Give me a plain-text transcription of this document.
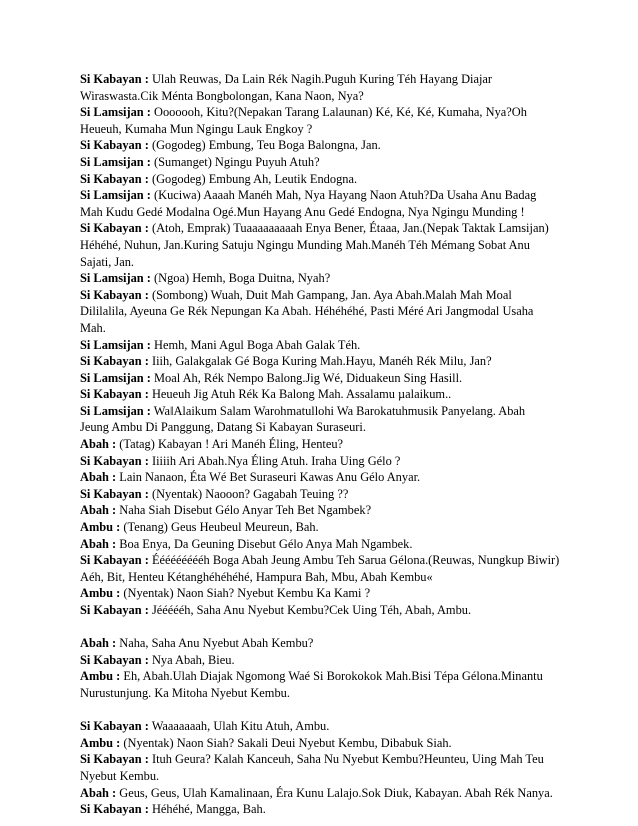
Si Kabayan : Ulah Reuwas, Da Lain Rék Nagih.Puguh Kuring Téh Hayang Diajar
Wiraswasta.Cik Ménta Bongbolongan, Kana Naon, Nya?
Si Lamsijan : Ooooooh, Kitu?(Nepakan Tarang Lalaunan) Ké, Ké, Ké, Kumaha, Nya?Oh
Heueuh, Kumaha Mun Ngingu Lauk Engkoy ?
Si Kabayan : (Gogodeg) Embung, Teu Boga Balongna, Jan.
Si Lamsijan : (Sumanget) Ngingu Puyuh Atuh?
Si Kabayan : (Gogodeg) Embung Ah, Leutik Endogna.
Si Lamsijan : (Kuciwa) Aaaah Manéh Mah, Nya Hayang Naon Atuh?Da Usaha Anu Badag
Mah Kudu Gedé Modalna Ogé.Mun Hayang Anu Gedé Endogna, Nya Ngingu Munding !
Si Kabayan : (Atoh, Emprak) Tuaaaaaaaaah Enya Bener, Étaaa, Jan.(Nepak Taktak Lamsijan)
Héhéhé, Nuhun, Jan.Kuring Satuju Ngingu Munding Mah.Manéh Téh Mémang Sobat Anu
Sajati, Jan.
Si Lamsijan : (Ngoa) Hemh, Boga Duitna, Nyah?
Si Kabayan : (Sombong) Wuah, Duit Mah Gampang, Jan. Aya Abah.Malah Mah Moal
Dililalila, Ayeuna Ge Rék Nepungan Ka Abah. Héhéhéhé, Pasti Méré Ari Jangmodal Usaha
Mah.
Si Lamsijan : Hemh, Mani Agul Boga Abah Galak Téh.
Si Kabayan : Iiih, Galakgalak Gé Boga Kuring Mah.Hayu, Manéh Rék Milu, Jan?
Si Lamsijan : Moal Ah, Rék Nempo Balong.Jig Wé, Diduakeun Sing Hasill.
Si Kabayan : Heueuh Jig Atuh Rék Ka Balong Mah. Assalamu µalaikum..
Si Lamsijan : Wa‖Alaikum Salam Warohmatullohi Wa Barokatuhmusik Panyelang. Abah
Jeung Ambu Di Panggung, Datang Si Kabayan Suraseuri.
Abah : (Tatag) Kabayan ! Ari Manéh Éling, Henteu?
Si Kabayan : Iiiiih Ari Abah.Nya Éling Atuh. Iraha Uing Gélo ?
Abah : Lain Nanaon, Éta Wé Bet Suraseuri Kawas Anu Gélo Anyar.
Si Kabayan : (Nyentak) Naooon? Gagabah Teuing ??
Abah : Naha Siah Disebut Gélo Anyar Teh Bet Ngambek?
Ambu : (Tenang) Geus Heubeul Meureun, Bah.
Abah : Boa Enya, Da Geuning Disebut Gélo Anya Mah Ngambek.
Si Kabayan : Éééééééééh Boga Abah Jeung Ambu Teh Sarua Gélona.(Reuwas, Nungkup Biwir)
Aéh, Bit, Henteu Kétanghéhéhéhé, Hampura Bah, Mbu, Abah Kembu«
Ambu : (Nyentak) Naon Siah? Nyebut Kembu Ka Kami ?
Si Kabayan : Jéééééh, Saha Anu Nyebut Kembu?Cek Uing Téh, Abah, Ambu.
Abah : Naha, Saha Anu Nyebut Abah Kembu?
Si Kabayan : Nya Abah, Bieu.
Ambu : Eh, Abah.Ulah Diajak Ngomong Waé Si Borokokok Mah.Bisi Tépa Gélona.Minantu
Nurustunjung. Ka Mitoha Nyebut Kembu.
Si Kabayan : Waaaaaaah, Ulah Kitu Atuh, Ambu.
Ambu : (Nyentak) Naon Siah? Sakali Deui Nyebut Kembu, Dibabuk Siah.
Si Kabayan : Ituh Geura? Kalah Kanceuh, Saha Nu Nyebut Kembu?Heunteu, Uing Mah Teu
Nyebut Kembu.
Abah : Geus, Geus, Ulah Kamalinaan, Éra Kunu Lalajo.Sok Diuk, Kabayan. Abah Rék Nanya.
Si Kabayan : Héhéhé, Mangga, Bah.
